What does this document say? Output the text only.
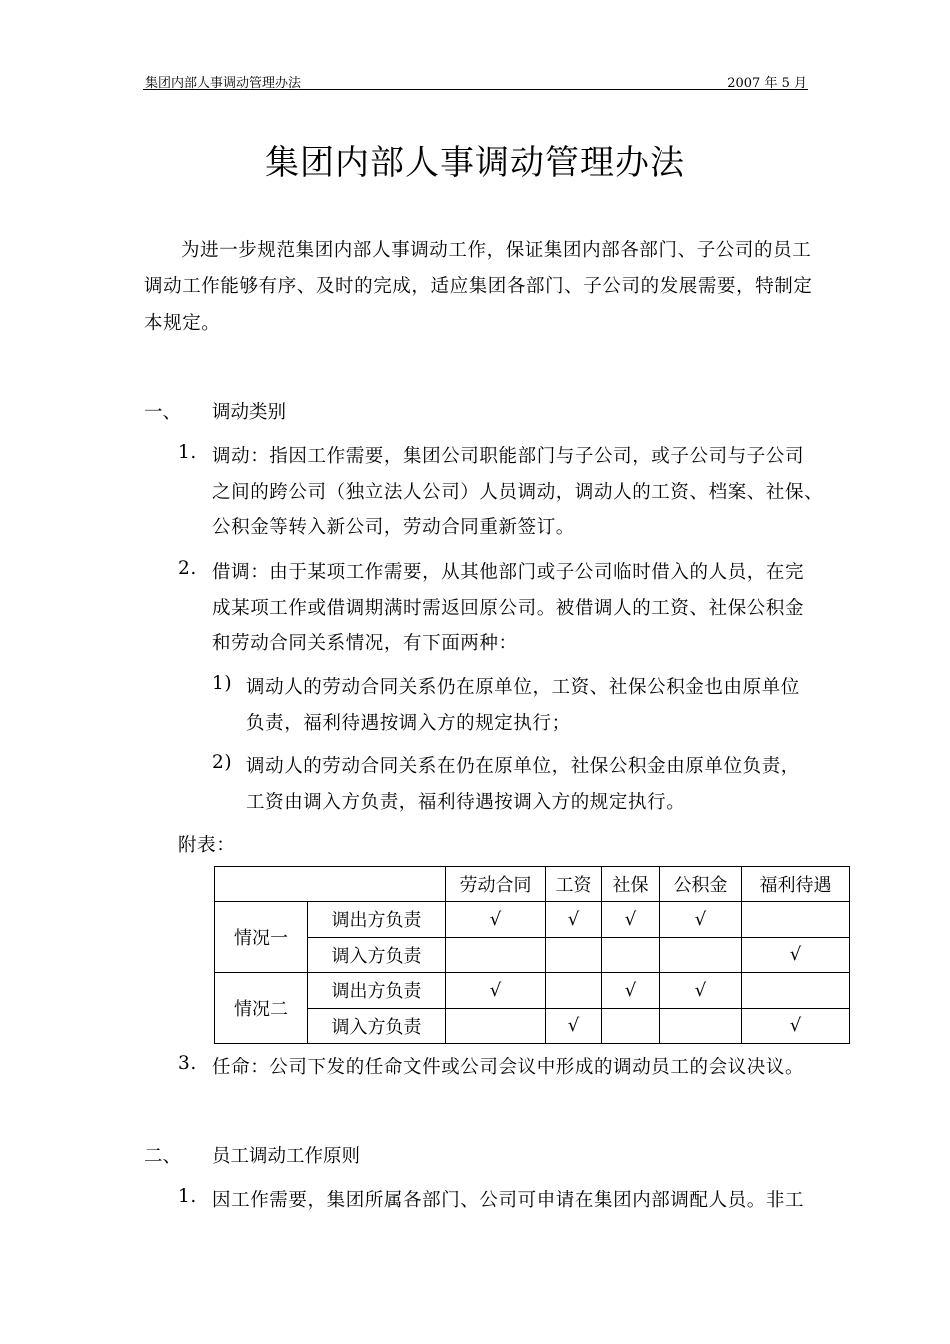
集团内部人事调动管理办法	2007 年 5 月
集团内部人事调动管理办法
为进一步规范集团内部人事调动工作，保证集团内部各部门、子公司的员工
调动工作能够有序、及时的完成，适应集团各部门、子公司的发展需要，特制定
本规定。
一、 调动类别
1. 调动：指因工作需要，集团公司职能部门与子公司，或子公司与子公司
之间的跨公司（独立法人公司）人员调动，调动人的工资、档案、社保、
公积金等转入新公司，劳动合同重新签订。
2. 借调：由于某项工作需要，从其他部门或子公司临时借入的人员，在完
成某项工作或借调期满时需返回原公司。被借调人的工资、社保公积金
和劳动合同关系情况，有下面两种：
1) 调动人的劳动合同关系仍在原单位，工资、社保公积金也由原单位
负责，福利待遇按调入方的规定执行；
2) 调动人的劳动合同关系在仍在原单位，社保公积金由原单位负责，
工资由调入方负责，福利待遇按调入方的规定执行。
附表：
		劳动合同	工资	社保	公积金	福利待遇
情况一	调出方负责	√	√	√	√	
	调入方负责					√
情况二	调出方负责	√		√	√	
	调入方负责		√			√
3. 任命：公司下发的任命文件或公司会议中形成的调动员工的会议决议。
二、 员工调动工作原则
1. 因工作需要，集团所属各部门、公司可申请在集团内部调配人员。非工
